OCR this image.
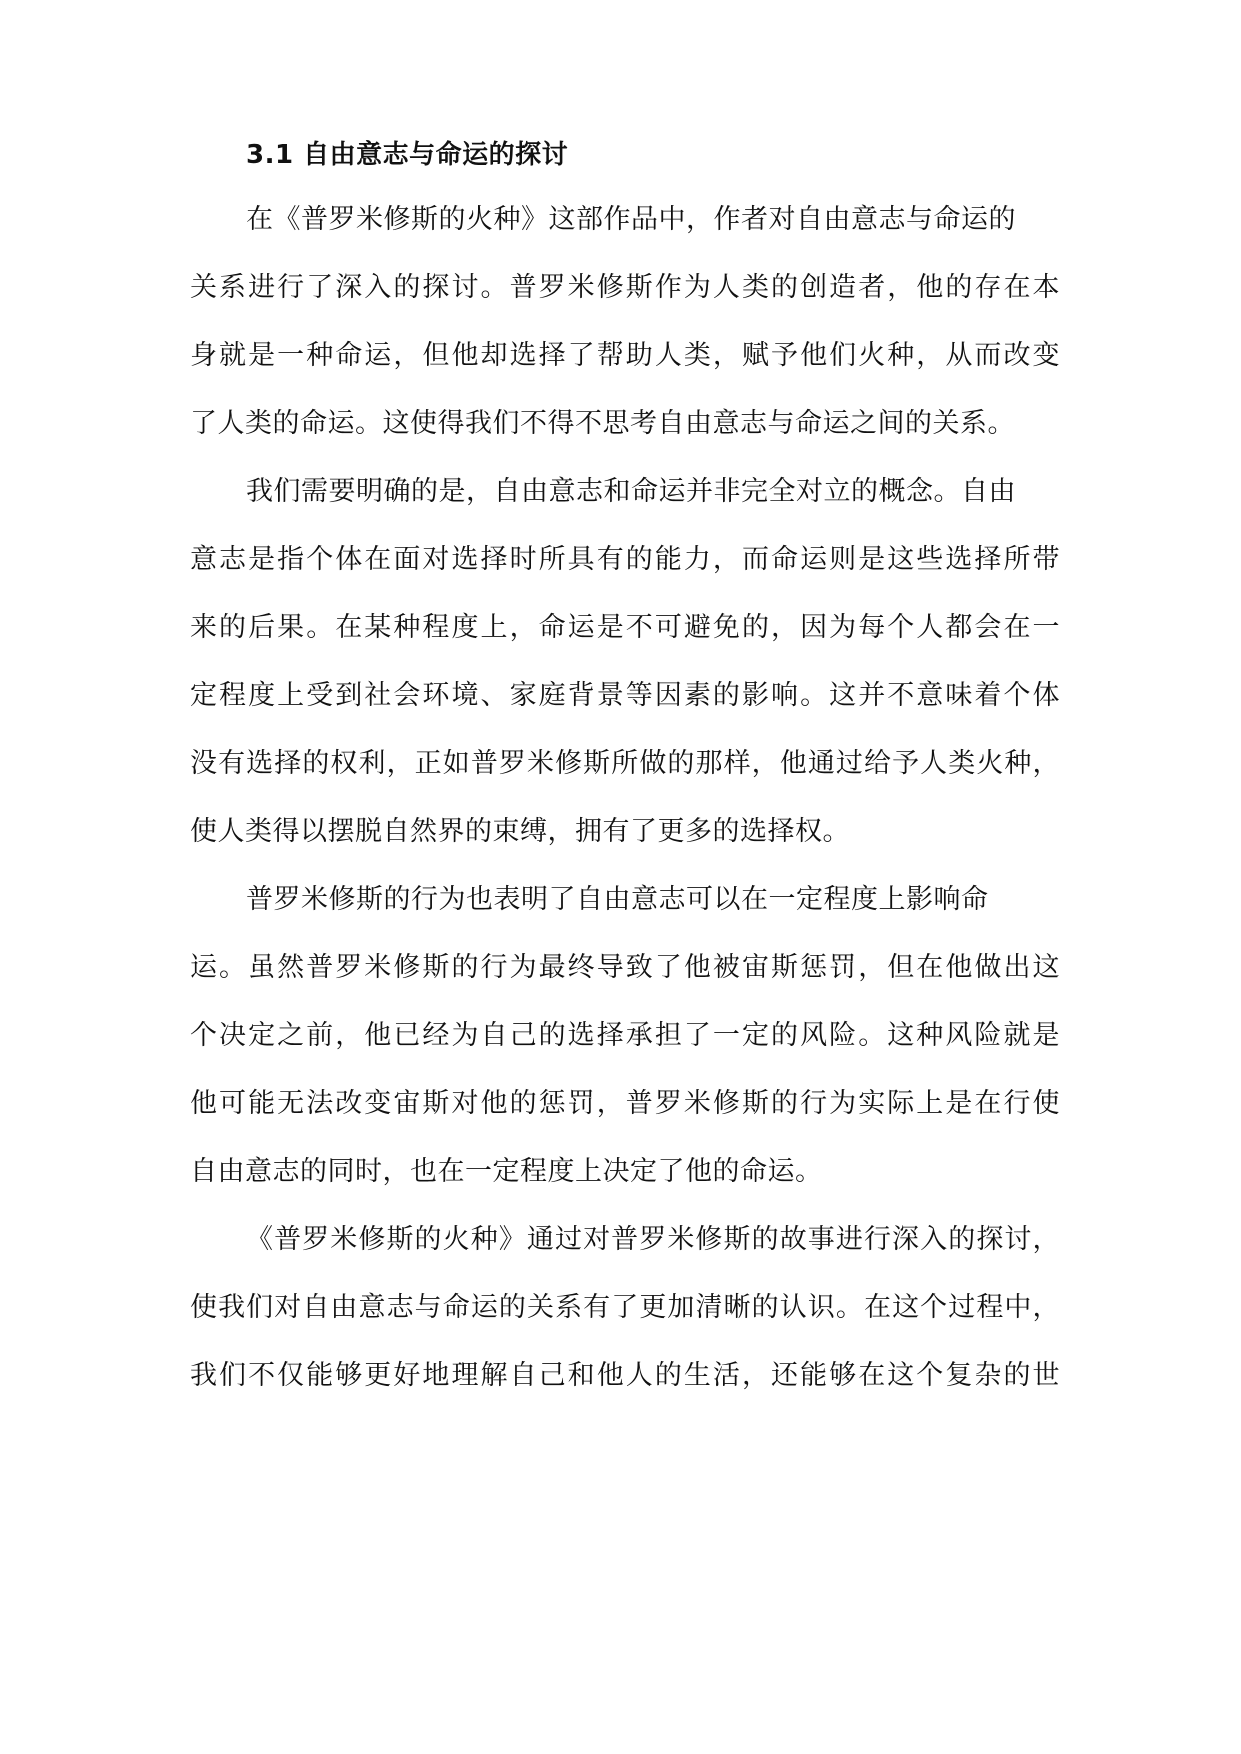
3.1 自由意志与命运的探讨
在《普罗米修斯的火种》这部作品中，作者对自由意志与命运的
关系进行了深入的探讨。普罗米修斯作为人类的创造者，他的存在本
身就是一种命运，但他却选择了帮助人类，赋予他们火种，从而改变
了人类的命运。这使得我们不得不思考自由意志与命运之间的关系。
我们需要明确的是，自由意志和命运并非完全对立的概念。自由
意志是指个体在面对选择时所具有的能力，而命运则是这些选择所带
来的后果。在某种程度上，命运是不可避免的，因为每个人都会在一
定程度上受到社会环境、家庭背景等因素的影响。这并不意味着个体
没有选择的权利，正如普罗米修斯所做的那样，他通过给予人类火种，
使人类得以摆脱自然界的束缚，拥有了更多的选择权。
普罗米修斯的行为也表明了自由意志可以在一定程度上影响命
运。虽然普罗米修斯的行为最终导致了他被宙斯惩罚，但在他做出这
个决定之前，他已经为自己的选择承担了一定的风险。这种风险就是
他可能无法改变宙斯对他的惩罚，普罗米修斯的行为实际上是在行使
自由意志的同时，也在一定程度上决定了他的命运。
《普罗米修斯的火种》通过对普罗米修斯的故事进行深入的探讨，
使我们对自由意志与命运的关系有了更加清晰的认识。在这个过程中，
我们不仅能够更好地理解自己和他人的生活，还能够在这个复杂的世
